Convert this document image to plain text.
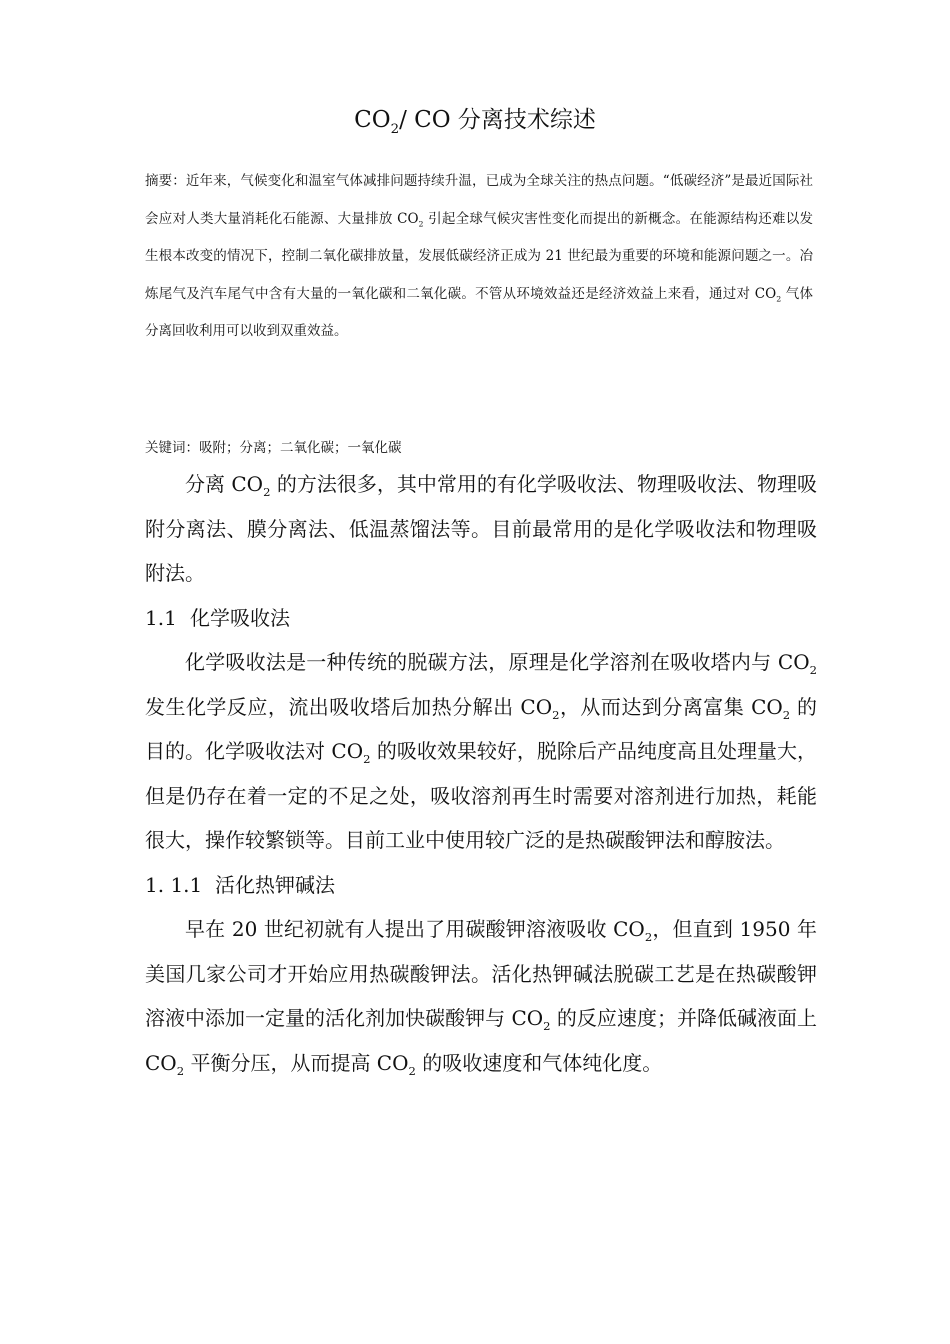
$CO_2/$ CO 分离技术综述
摘要：近年来，气候变化和温室气体减排问题持续升温，已成为全球关注的热点问题。“低碳经济”是最近国际社会应对人类大量消耗化石能源、大量排放 $CO_2$ 引起全球气候灾害性变化而提出的新概念。在能源结构还难以发生根本改变的情况下，控制二氧化碳排放量，发展低碳经济正成为 21 世纪最为重要的环境和能源问题之一。冶炼尾气及汽车尾气中含有大量的一氧化碳和二氧化碳。不管从环境效益还是经济效益上来看，通过对 $CO_2$ 气体分离回收利用可以收到双重效益。
关键词：吸附；分离；二氧化碳；一氧化碳

分离 $CO_2$ 的方法很多，其中常用的有化学吸收法、物理吸收法、物理吸附分离法、膜分离法、低温蒸馏法等。目前最常用的是化学吸收法和物理吸附法。

1.1 化学吸收法

化学吸收法是一种传统的脱碳方法，原理是化学溶剂在吸收塔内与 $CO_2$ 发生化学反应，流出吸收塔后加热分解出 $CO_2$，从而达到分离富集 $CO_2$ 的目的。化学吸收法对 $CO_2$ 的吸收效果较好，脱除后产品纯度高且处理量大，但是仍存在着一定的不足之处，吸收溶剂再生时需要对溶剂进行加热，耗能很大，操作较繁锁等。目前工业中使用较广泛的是热碳酸钾法和醇胺法。

1. 1.1 活化热钾碱法

早在 20 世纪初就有人提出了用碳酸钾溶液吸收 $CO_2$，但直到 1950 年美国几家公司才开始应用热碳酸钾法。活化热钾碱法脱碳工艺是在热碳酸钾溶液中添加一定量的活化剂加快碳酸钾与 $CO_2$ 的反应速度；并降低碱液面上 $CO_2$ 平衡分压，从而提高 $CO_2$ 的吸收速度和气体纯化度。
